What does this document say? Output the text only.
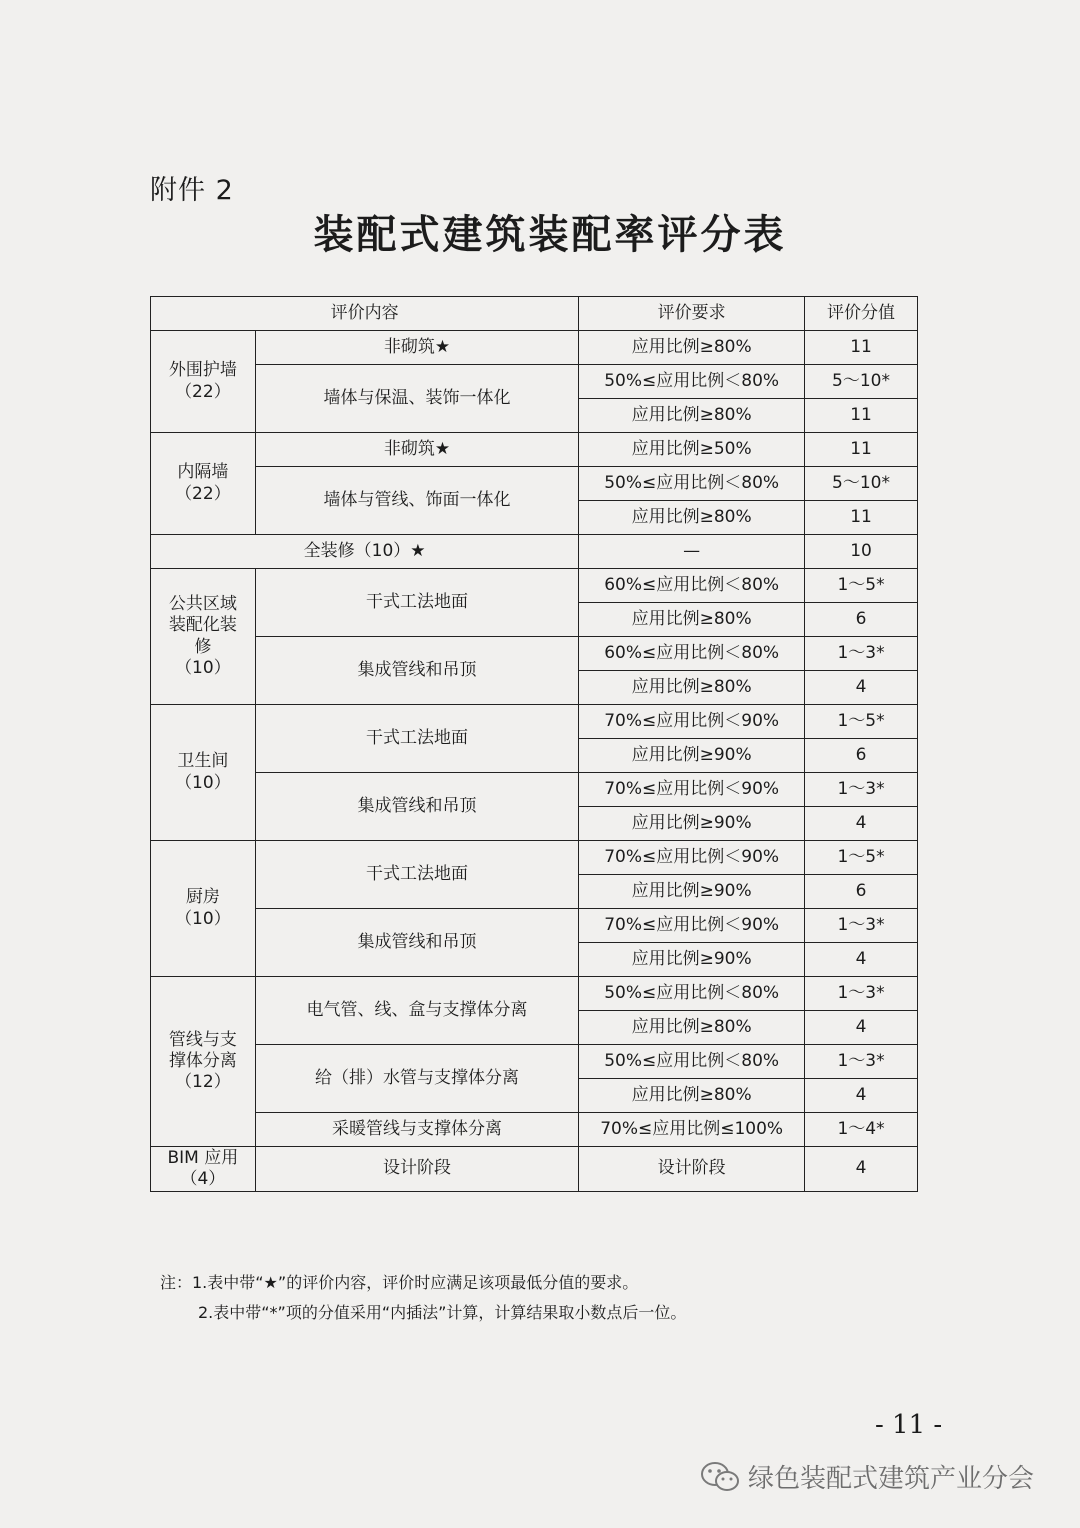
附件 2
装配式建筑装配率评分表
评价内容		评价要求	评价分值
外围护墙
（22）	非砌筑★	应用比例≥80%	11
	墙体与保温、装饰一体化	50%≤应用比例＜80%	5～10*
		应用比例≥80%	11
内隔墙
（22）	非砌筑★	应用比例≥50%	11
	墙体与管线、饰面一体化	50%≤应用比例＜80%	5～10*
		应用比例≥80%	11
全装修（10）★		—	10
公共区域
装配化装
修
（10）	干式工法地面	60%≤应用比例＜80%	1～5*
		应用比例≥80%	6
	集成管线和吊顶	60%≤应用比例＜80%	1～3*
		应用比例≥80%	4
卫生间
（10）	干式工法地面	70%≤应用比例＜90%	1～5*
		应用比例≥90%	6
	集成管线和吊顶	70%≤应用比例＜90%	1～3*
		应用比例≥90%	4
厨房
（10）	干式工法地面	70%≤应用比例＜90%	1～5*
		应用比例≥90%	6
	集成管线和吊顶	70%≤应用比例＜90%	1～3*
		应用比例≥90%	4
管线与支
撑体分离
（12）	电气管、线、盒与支撑体分离	50%≤应用比例＜80%	1～3*
		应用比例≥80%	4
	给（排）水管与支撑体分离	50%≤应用比例＜80%	1～3*
		应用比例≥80%	4
	采暖管线与支撑体分离	70%≤应用比例≤100%	1～4*
BIM 应用
（4）	设计阶段	设计阶段	4
注：1.表中带“★”的评价内容，评价时应满足该项最低分值的要求。
2.表中带“*”项的分值采用“内插法”计算，计算结果取小数点后一位。
- 11 -
绿色装配式建筑产业分会
